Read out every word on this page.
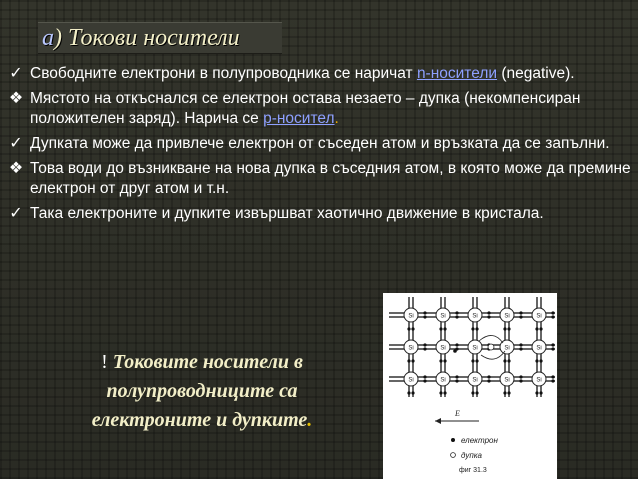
а) Токови носители
✓ Свободните електрони в полупроводника се наричат n-носители (negative).
❖ Мястото на откъснался се електрон остава незаето – дупка (некомпенсиран положителен заряд). Нарича се p-носител.
✓ Дупката може да привлече електрон от съседен атом и връзката да се запълни.
❖ Това води до възникване на нова дупка в съседния атом, в която може да премине електрон от друг атом и т.н.
✓ Така електроните и дупките извършват хаотично движение в кристала.
! Токовите носители в полупроводниците са електроните и дупките.
Si	Si	Si	Si	Si
Si	Si	Si	Si	Si
Si	Si	Si	Si	Si
E
електрон
дупка
фиг 31.3
